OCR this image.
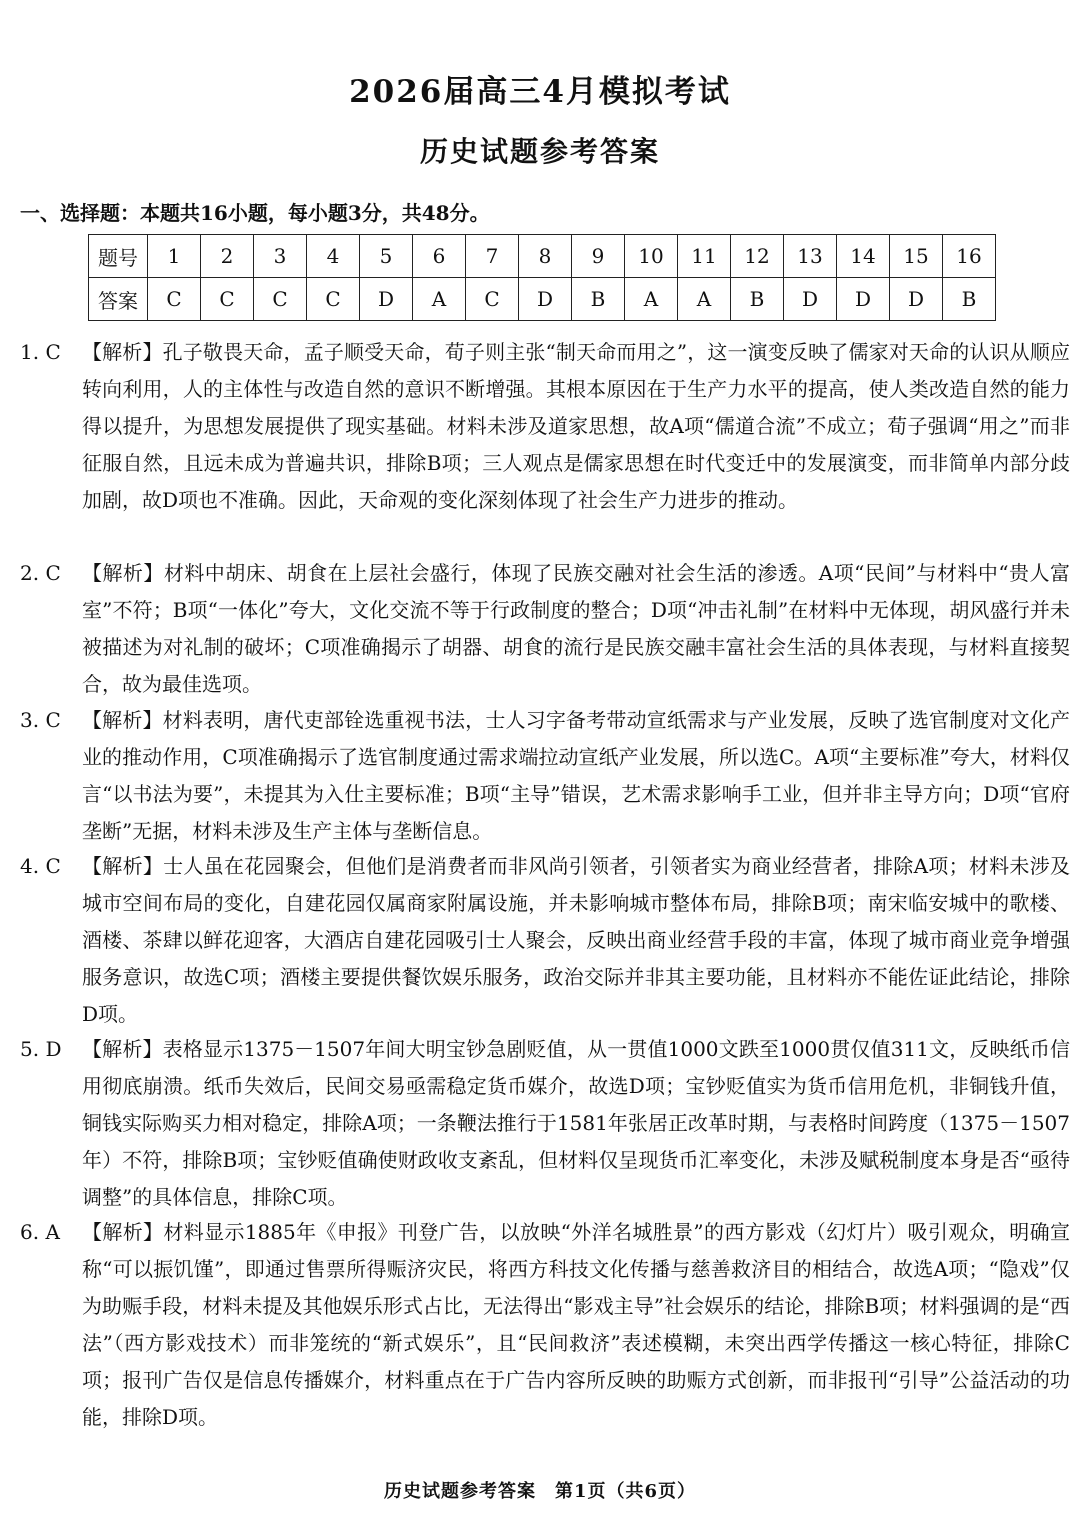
2026届高三4月模拟考试
历史试题参考答案
一、选择题：本题共16小题，每小题3分，共48分。
题号	1	2	3	4	5	6	7	8	9	10	11	12	13	14	15	16
答案	C	C	C	C	D	A	C	D	B	A	A	B	D	D	D	B
1. C	【解析】孔子敬畏天命，孟子顺受天命，荀子则主张“制天命而用之”，这一演变反映了儒家对天命的认识从顺应转向利用，人的主体性与改造自然的意识不断增强。其根本原因在于生产力水平的提高，使人类改造自然的能力得以提升，为思想发展提供了现实基础。材料未涉及道家思想，故A项“儒道合流”不成立；荀子强调“用之”而非征服自然，且远未成为普遍共识，排除B项；三人观点是儒家思想在时代变迁中的发展演变，而非简单内部分歧加剧，故D项也不准确。因此，天命观的变化深刻体现了社会生产力进步的推动。
2. C	【解析】材料中胡床、胡食在上层社会盛行，体现了民族交融对社会生活的渗透。A项“民间”与材料中“贵人富室”不符；B项“一体化”夸大，文化交流不等于行政制度的整合；D项“冲击礼制”在材料中无体现，胡风盛行并未被描述为对礼制的破坏；C项准确揭示了胡器、胡食的流行是民族交融丰富社会生活的具体表现，与材料直接契合，故为最佳选项。
3. C	【解析】材料表明，唐代吏部铨选重视书法，士人习字备考带动宣纸需求与产业发展，反映了选官制度对文化产业的推动作用，C项准确揭示了选官制度通过需求端拉动宣纸产业发展，所以选C。A项“主要标准”夸大，材料仅言“以书法为要”，未提其为入仕主要标准；B项“主导”错误，艺术需求影响手工业，但并非主导方向；D项“官府垄断”无据，材料未涉及生产主体与垄断信息。
4. C	【解析】士人虽在花园聚会，但他们是消费者而非风尚引领者，引领者实为商业经营者，排除A项；材料未涉及城市空间布局的变化，自建花园仅属商家附属设施，并未影响城市整体布局，排除B项；南宋临安城中的歌楼、酒楼、茶肆以鲜花迎客，大酒店自建花园吸引士人聚会，反映出商业经营手段的丰富，体现了城市商业竞争增强服务意识，故选C项；酒楼主要提供餐饮娱乐服务，政治交际并非其主要功能，且材料亦不能佐证此结论，排除D项。
5. D	【解析】表格显示1375－1507年间大明宝钞急剧贬值，从一贯值1000文跌至1000贯仅值311文，反映纸币信用彻底崩溃。纸币失效后，民间交易亟需稳定货币媒介，故选D项；宝钞贬值实为货币信用危机，非铜钱升值，铜钱实际购买力相对稳定，排除A项；一条鞭法推行于1581年张居正改革时期，与表格时间跨度（1375－1507年）不符，排除B项；宝钞贬值确使财政收支紊乱，但材料仅呈现货币汇率变化，未涉及赋税制度本身是否“亟待调整”的具体信息，排除C项。
6. A	【解析】材料显示1885年《申报》刊登广告，以放映“外洋名城胜景”的西方影戏（幻灯片）吸引观众，明确宣称“可以振饥馑”，即通过售票所得赈济灾民，将西方科技文化传播与慈善救济目的相结合，故选A项；“隐戏”仅为助赈手段，材料未提及其他娱乐形式占比，无法得出“影戏主导”社会娱乐的结论，排除B项；材料强调的是“西法”（西方影戏技术）而非笼统的“新式娱乐”，且“民间救济”表述模糊，未突出西学传播这一核心特征，排除C项；报刊广告仅是信息传播媒介，材料重点在于广告内容所反映的助赈方式创新，而非报刊“引导”公益活动的功能，排除D项。
历史试题参考答案　第1页（共6页）
